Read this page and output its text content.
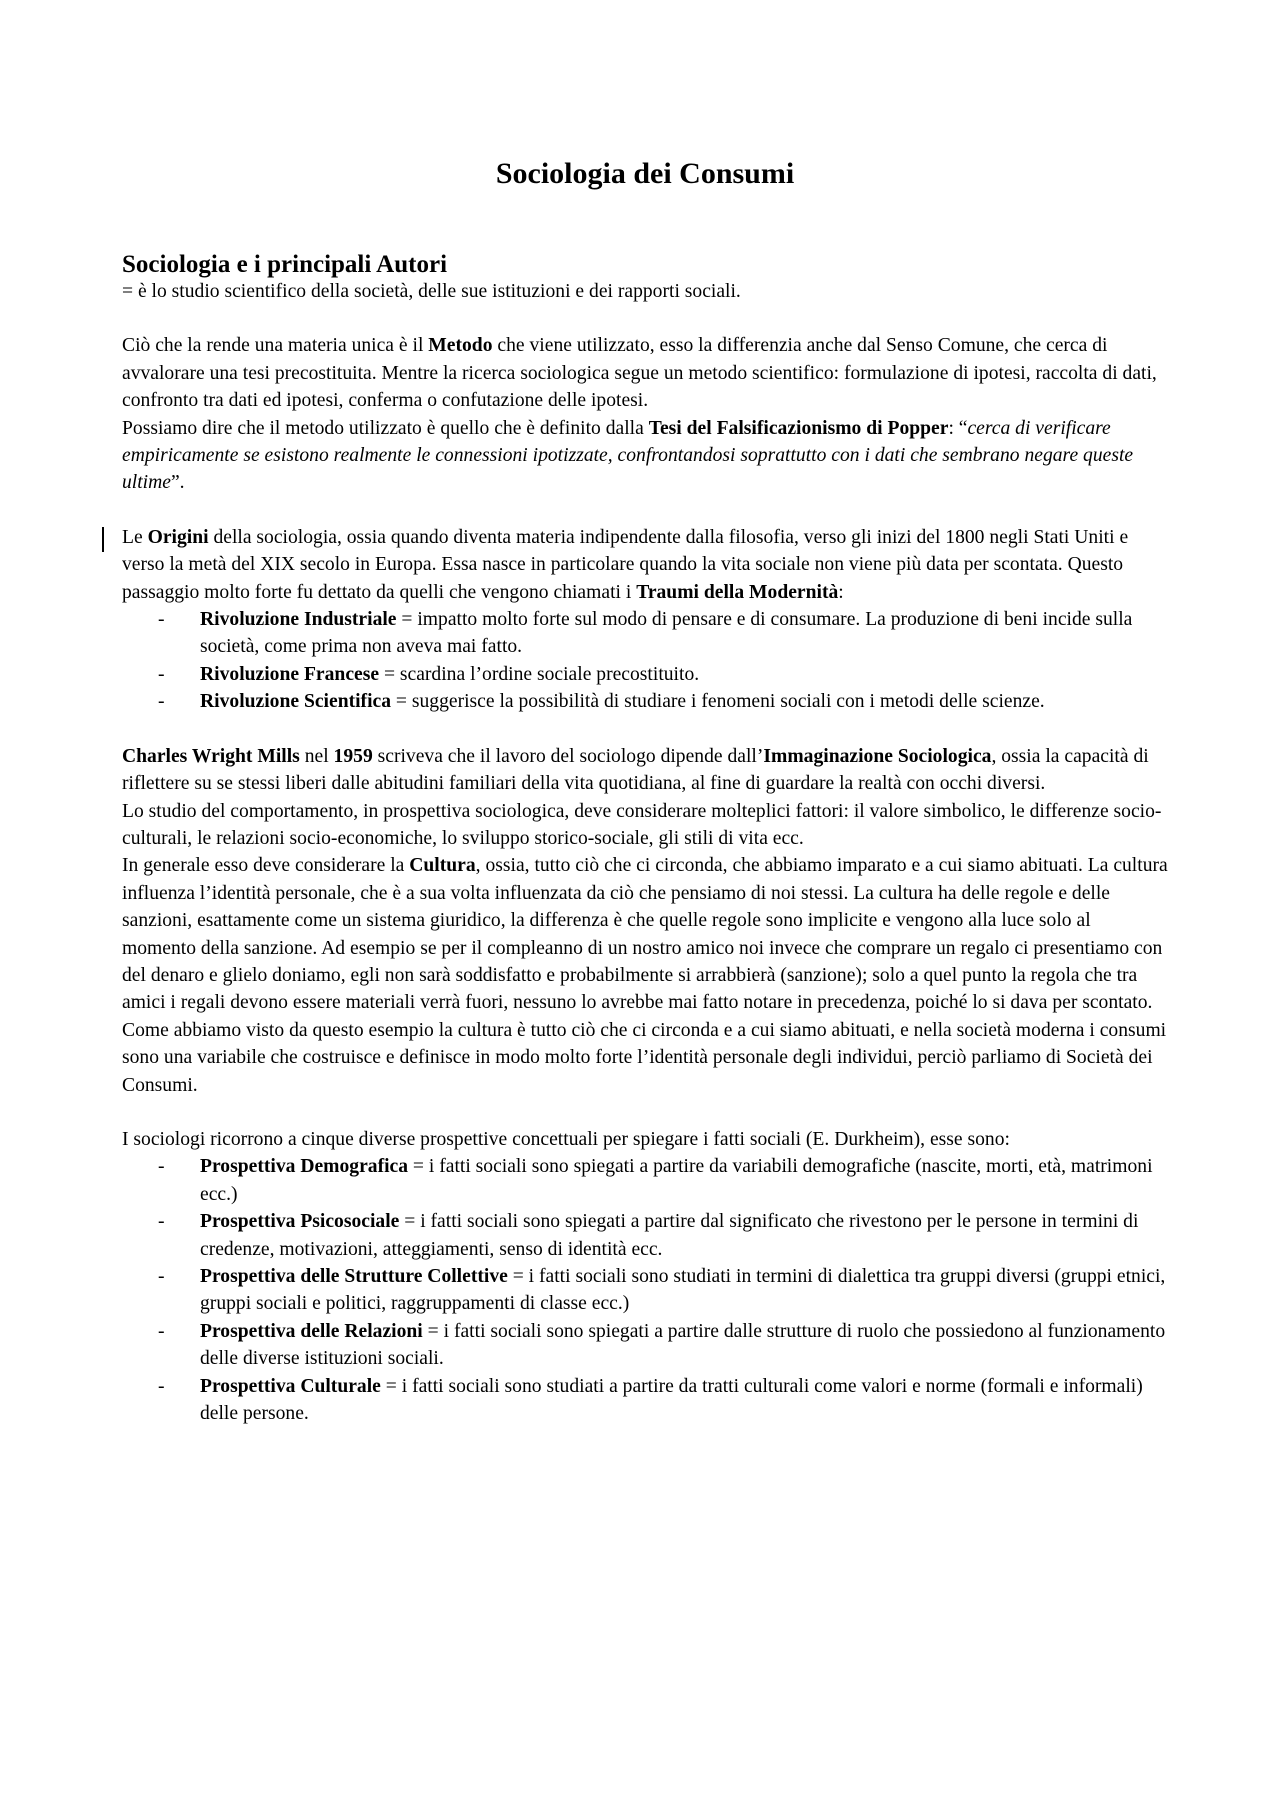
Sociologia dei Consumi
Sociologia e i principali Autori

= è lo studio scientifico della società, delle sue istituzioni e dei rapporti sociali.

Ciò che la rende una materia unica è il Metodo che viene utilizzato, esso la differenzia anche dal Senso Comune, che cerca di avvalorare una tesi precostituita. Mentre la ricerca sociologica segue un metodo scientifico: formulazione di ipotesi, raccolta di dati, confronto tra dati ed ipotesi, conferma o confutazione delle ipotesi.

Possiamo dire che il metodo utilizzato è quello che è definito dalla Tesi del Falsificazionismo di Popper: “cerca di verificare empiricamente se esistono realmente le connessioni ipotizzate, confrontandosi soprattutto con i dati che sembrano negare queste ultime”.

Le Origini della sociologia, ossia quando diventa materia indipendente dalla filosofia, verso gli inizi del 1800 negli Stati Uniti e verso la metà del XIX secolo in Europa. Essa nasce in particolare quando la vita sociale non viene più data per scontata. Questo passaggio molto forte fu dettato da quelli che vengono chiamati i Traumi della Modernità:

- Rivoluzione Industriale = impatto molto forte sul modo di pensare e di consumare. La produzione di beni incide sulla società, come prima non aveva mai fatto.
- Rivoluzione Francese = scardina l’ordine sociale precostituito.
- Rivoluzione Scientifica = suggerisce la possibilità di studiare i fenomeni sociali con i metodi delle scienze.

Charles Wright Mills nel 1959 scriveva che il lavoro del sociologo dipende dall’Immaginazione Sociologica, ossia la capacità di riflettere su se stessi liberi dalle abitudini familiari della vita quotidiana, al fine di guardare la realtà con occhi diversi.

Lo studio del comportamento, in prospettiva sociologica, deve considerare molteplici fattori: il valore simbolico, le differenze socio-culturali, le relazioni socio-economiche, lo sviluppo storico-sociale, gli stili di vita ecc.

In generale esso deve considerare la Cultura, ossia, tutto ciò che ci circonda, che abbiamo imparato e a cui siamo abituati. La cultura influenza l’identità personale, che è a sua volta influenzata da ciò che pensiamo di noi stessi. La cultura ha delle regole e delle sanzioni, esattamente come un sistema giuridico, la differenza è che quelle regole sono implicite e vengono alla luce solo al momento della sanzione. Ad esempio se per il compleanno di un nostro amico noi invece che comprare un regalo ci presentiamo con del denaro e glielo doniamo, egli non sarà soddisfatto e probabilmente si arrabbierà (sanzione); solo a quel punto la regola che tra amici i regali devono essere materiali verrà fuori, nessuno lo avrebbe mai fatto notare in precedenza, poiché lo si dava per scontato.

Come abbiamo visto da questo esempio la cultura è tutto ciò che ci circonda e a cui siamo abituati, e nella società moderna i consumi sono una variabile che costruisce e definisce in modo molto forte l’identità personale degli individui, perciò parliamo di Società dei Consumi.

I sociologi ricorrono a cinque diverse prospettive concettuali per spiegare i fatti sociali (E. Durkheim), esse sono:

- Prospettiva Demografica = i fatti sociali sono spiegati a partire da variabili demografiche (nascite, morti, età, matrimoni ecc.)
- Prospettiva Psicosociale = i fatti sociali sono spiegati a partire dal significato che rivestono per le persone in termini di credenze, motivazioni, atteggiamenti, senso di identità ecc.
- Prospettiva delle Strutture Collettive = i fatti sociali sono studiati in termini di dialettica tra gruppi diversi (gruppi etnici, gruppi sociali e politici, raggruppamenti di classe ecc.)
- Prospettiva delle Relazioni = i fatti sociali sono spiegati a partire dalle strutture di ruolo che possiedono al funzionamento delle diverse istituzioni sociali.
- Prospettiva Culturale = i fatti sociali sono studiati a partire da tratti culturali come valori e norme (formali e informali) delle persone.
